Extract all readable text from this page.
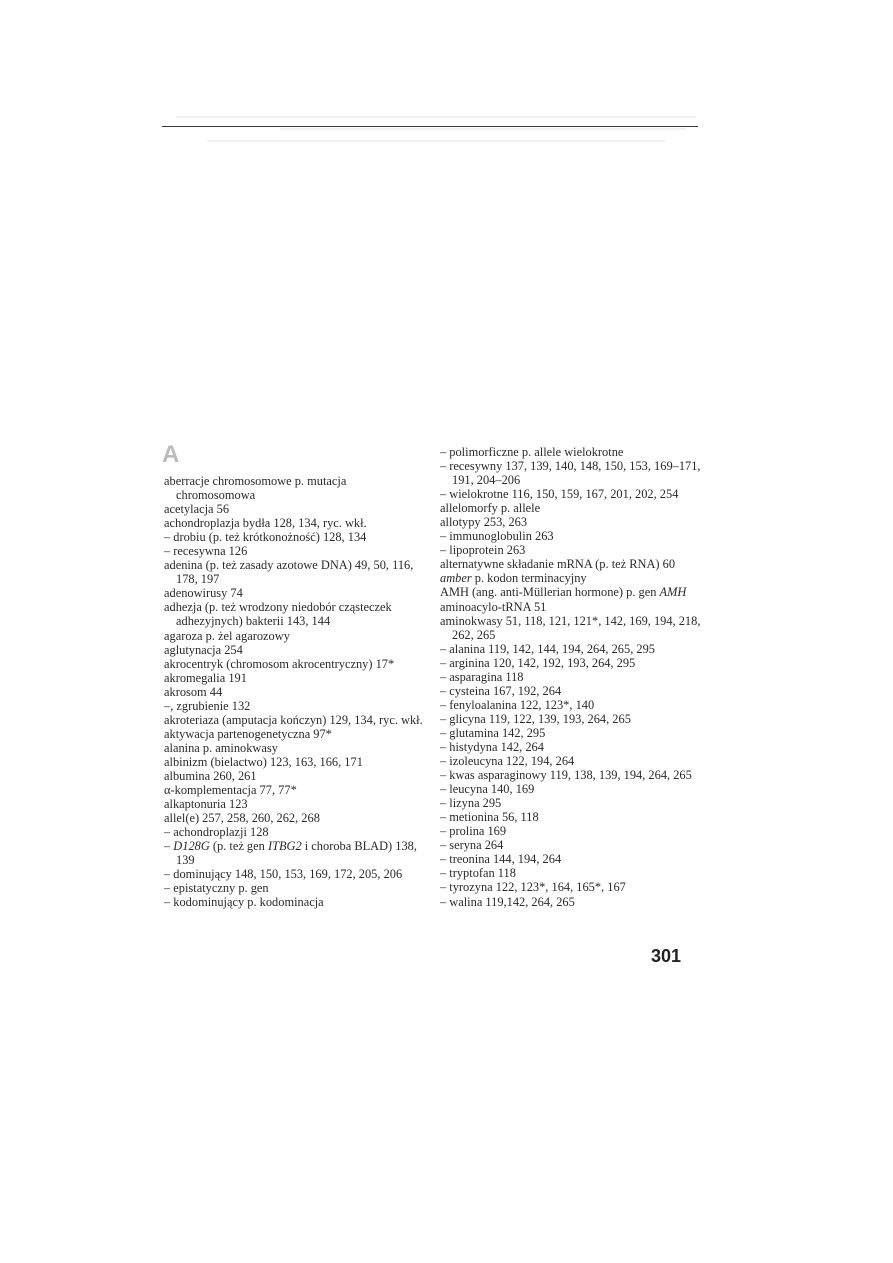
A
aberracje chromosomowe p. mutacja chromosomowa
acetylacja 56
achondroplazja bydła 128, 134, ryc. wkł.
– drobiu (p. też krótkonożność) 128, 134
– recesywna 126
adenina (p. też zasady azotowe DNA) 49, 50, 116, 178, 197
adenowirusy 74
adhezja (p. też wrodzony niedobór cząsteczek adhezyjnych) bakterii 143, 144
agaroza p. żel agarozowy
aglutynacja 254
akrocentryk (chromosom akrocentryczny) 17*
akromegalia 191
akrosom 44
–, zgrubienie 132
akroteriaza (amputacja kończyn) 129, 134, ryc. wkł.
aktywacja partenogenetyczna 97*
alanina p. aminokwasy
albinizm (bielactwo) 123, 163, 166, 171
albumina 260, 261
α-komplementacja 77, 77*
alkaptonuria 123
allel(e) 257, 258, 260, 262, 268
– achondroplazji 128
– D128G (p. też gen ITBG2 i choroba BLAD) 138, 139
– dominujący 148, 150, 153, 169, 172, 205, 206
– epistatyczny p. gen
– kodominujący p. kodominacja
– polimorficzne p. allele wielokrotne
– recesywny 137, 139, 140, 148, 150, 153, 169–171, 191, 204–206
– wielokrotne 116, 150, 159, 167, 201, 202, 254
allelomorfy p. allele
allotypy 253, 263
– immunoglobulin 263
– lipoprotein 263
alternatywne składanie mRNA (p. też RNA) 60
amber p. kodon terminacyjny
AMH (ang. anti-Müllerian hormone) p. gen AMH
aminoacylo-tRNA 51
aminokwasy 51, 118, 121, 121*, 142, 169, 194, 218, 262, 265
– alanina 119, 142, 144, 194, 264, 265, 295
– arginina 120, 142, 192, 193, 264, 295
– asparagina 118
– cysteina 167, 192, 264
– fenyloalanina 122, 123*, 140
– glicyna 119, 122, 139, 193, 264, 265
– glutamina 142, 295
– histydyna 142, 264
– izoleucyna 122, 194, 264
– kwas asparaginowy 119, 138, 139, 194, 264, 265
– leucyna 140, 169
– lizyna 295
– metionina 56, 118
– prolina 169
– seryna 264
– treonina 144, 194, 264
– tryptofan 118
– tyrozyna 122, 123*, 164, 165*, 167
– walina 119,142, 264, 265
301
